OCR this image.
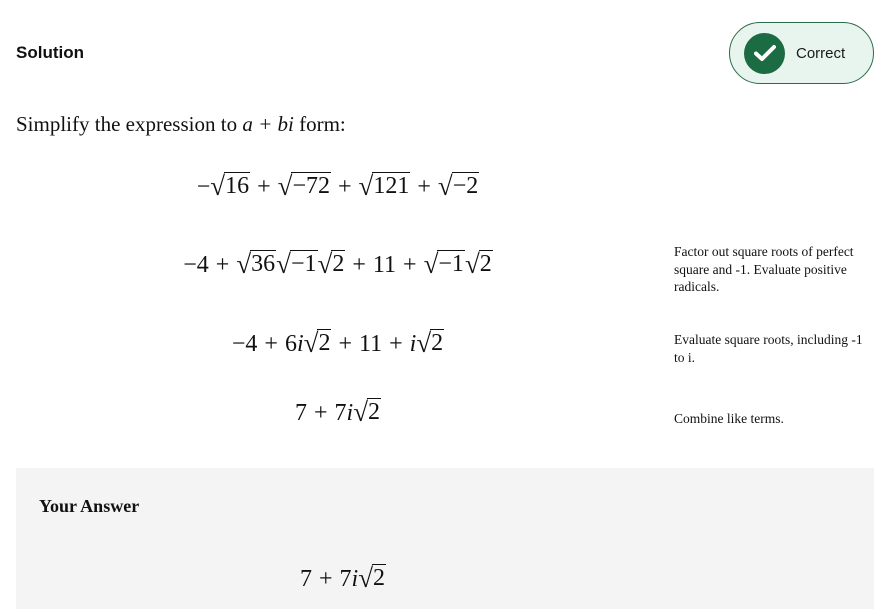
Solution	Correct
Simplify the expression to a + bi form:
− √ 16 + √ −72 + √ 121 + √ −2
−4 + √ 36 √ −1 √ 2 + 11 + √ −1 √ 2	Factor out square roots of perfect square and -1. Evaluate positive radicals.
−4 + 6i √ 2 + 11 + i √ 2	Evaluate square roots, including -1 to i.
7 + 7i √ 2	Combine like terms.
Your Answer
7 + 7i √ 2
